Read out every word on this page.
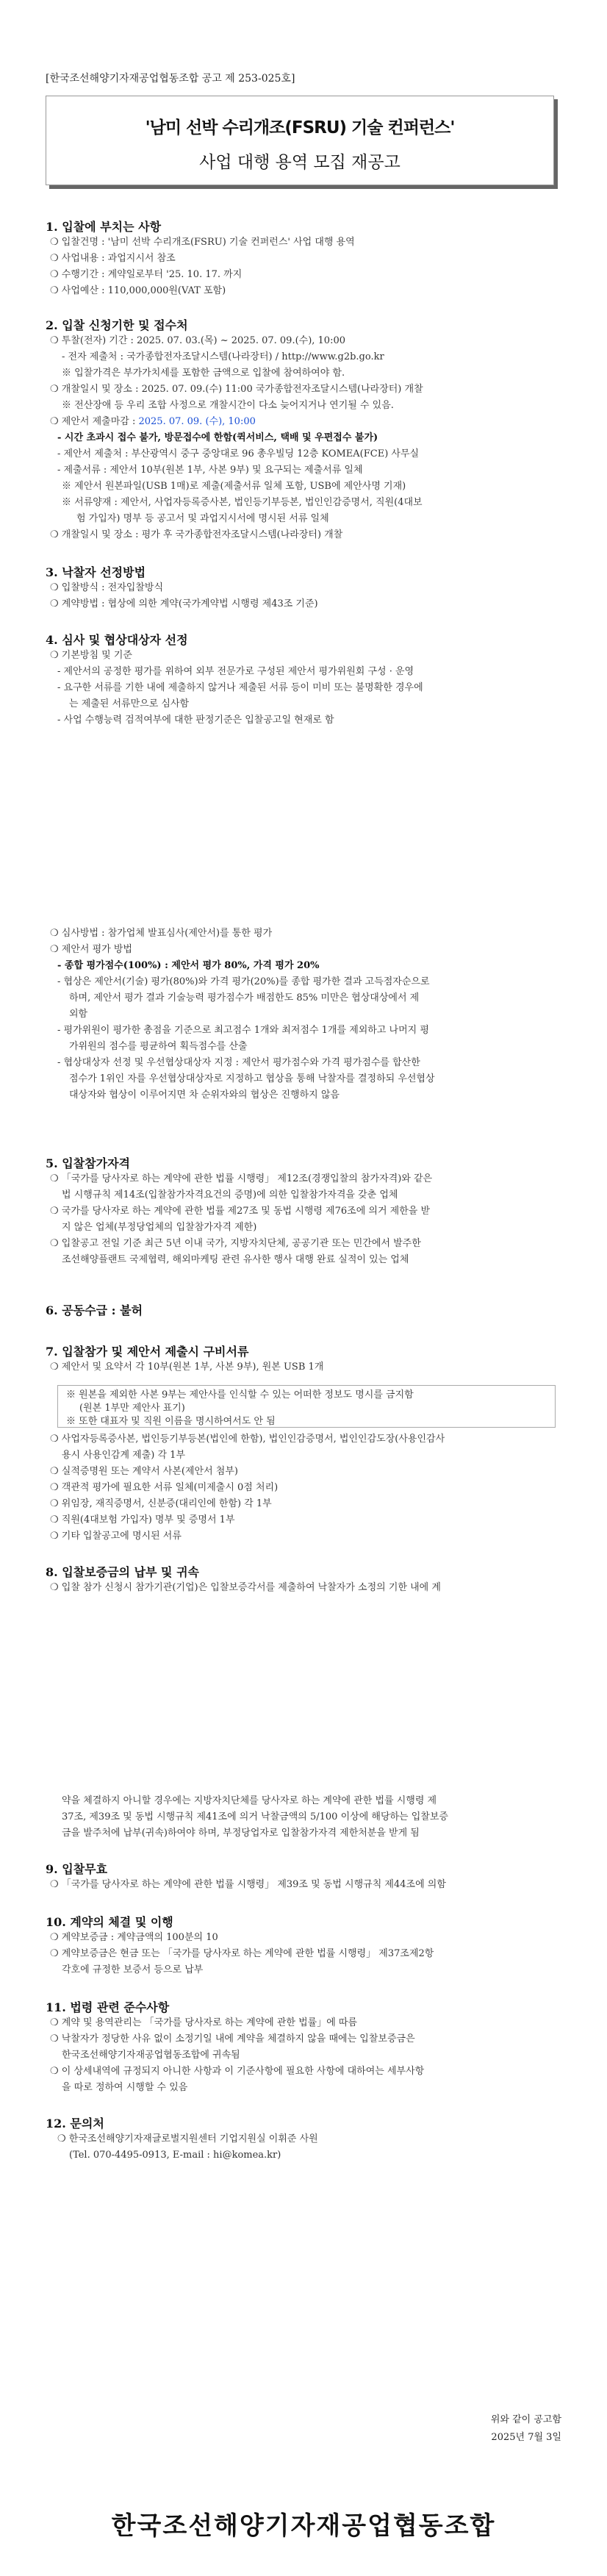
[한국조선해양기자재공업협동조합 공고 제 253-025호]
'남미 선박 수리개조(FSRU) 기술 컨퍼런스'
사업 대행 용역 모집 재공고
1. 입찰에 부치는 사항
❍ 입찰건명 : '남미 선박 수리개조(FSRU) 기술 컨퍼런스' 사업 대행 용역
❍ 사업내용 : 과업지시서 참조
❍ 수행기간 : 계약일로부터 '25. 10. 17. 까지
❍ 사업예산 : 110,000,000원(VAT 포함)
2. 입찰 신청기한 및 접수처
❍ 투찰(전자) 기간 : 2025. 07. 03.(목) ~ 2025. 07. 09.(수), 10:00
- 전자 제출처 : 국가종합전자조달시스템(나라장터) / http://www.g2b.go.kr
※ 입찰가격은 부가가치세를 포함한 금액으로 입찰에 참여하여야 함.
❍ 개찰일시 및 장소 : 2025. 07. 09.(수) 11:00 국가종합전자조달시스템(나라장터) 개찰
※ 전산장애 등 우리 조합 사정으로 개찰시간이 다소 늦어지거나 연기될 수 있음.
❍ 제안서 제출마감 : 2025. 07. 09. (수), 10:00
- 시간 초과시 접수 불가, 방문접수에 한함(퀵서비스, 택배 및 우편접수 불가)
- 제안서 제출처 : 부산광역시 중구 중앙대로 96 총우빌딩 12층 KOMEA(FCE) 사무실
- 제출서류 : 제안서 10부(원본 1부, 사본 9부) 및 요구되는 제출서류 일체
※ 제안서 원본파일(USB 1매)로 제출(제출서류 일체 포함, USB에 제안사명 기재)
※ 서류양재 : 제안서, 사업자등록증사본, 법인등기부등본, 법인인감증명서, 직원(4대보
험 가입자) 명부 등 공고서 및 과업지시서에 명시된 서류 일체
❍ 개찰일시 및 장소 : 평가 후 국가종합전자조달시스템(나라장터) 개찰
3. 낙찰자 선정방법
❍ 입찰방식 : 전자입찰방식
❍ 계약방법 : 협상에 의한 계약(국가계약법 시행령 제43조 기준)
4. 심사 및 협상대상자 선정
❍ 기본방침 및 기준
- 제안서의 공정한 평가를 위하여 외부 전문가로 구성된 제안서 평가위원회 구성 · 운영
- 요구한 서류를 기한 내에 제출하지 않거나 제출된 서류 등이 미비 또는 불명확한 경우에
는 제출된 서류만으로 심사함
- 사업 수행능력 검적여부에 대한 판정기준은 입찰공고일 현재로 함
❍ 심사방법 : 참가업체 발표심사(제안서)를 통한 평가
❍ 제안서 평가 방법
- 종합 평가점수(100%) : 제안서 평가 80%, 가격 평가 20%
- 협상은 제안서(기술) 평가(80%)와 가격 평가(20%)를 종합 평가한 결과 고득점자순으로
하며, 제안서 평가 결과 기술능력 평가점수가 배점한도 85% 미만은 협상대상에서 제
외함
- 평가위원이 평가한 총점을 기준으로 최고점수 1개와 최저점수 1개를 제외하고 나머지 평
가위원의 점수를 평균하여 획득점수를 산출
- 협상대상자 선정 및 우선협상대상자 지정 : 제안서 평가점수와 가격 평가점수를 합산한
점수가 1위인 자를 우선협상대상자로 지정하고 협상을 통해 낙찰자를 결정하되 우선협상
대상자와 협상이 이루어지면 차 순위자와의 협상은 진행하지 않음
5. 입찰참가자격
❍ 「국가를 당사자로 하는 계약에 관한 법률 시행령」 제12조(경쟁입찰의 참가자격)와 같은
법 시행규칙 제14조(입찰참가자격요건의 증명)에 의한 입찰참가자격을 갖춘 업체
❍ 국가를 당사자로 하는 계약에 관한 법률 제27조 및 동법 시행령 제76조에 의거 제한을 받
지 않은 업체(부정당업체의 입찰참가자격 제한)
❍ 입찰공고 전일 기준 최근 5년 이내 국가, 지방자치단체, 공공기관 또는 민간에서 발주한
조선해양플랜트 국제협력, 해외마케팅 관련 유사한 행사 대행 완료 실적이 있는 업체
6. 공동수급 : 불허
7. 입찰참가 및 제안서 제출시 구비서류
❍ 제안서 및 요약서 각 10부(원본 1부, 사본 9부), 원본 USB 1개
※ 원본을 제외한 사본 9부는 제안사를 인식할 수 있는 어떠한 정보도 명시를 금지함
(원본 1부만 제안사 표기)
※ 또한 대표자 및 직원 이름을 명시하여서도 안 됨
❍ 사업자등록증사본, 법인등기부등본(법인에 한함), 법인인감증명서, 법인인감도장(사용인감사
용시 사용인감계 제출) 각 1부
❍ 실적증명원 또는 계약서 사본(제안서 첨부)
❍ 객관적 평가에 필요한 서류 일체(미제출시 0점 처리)
❍ 위임장, 재직증명서, 신분증(대리인에 한함) 각 1부
❍ 직원(4대보험 가입자) 명부 및 증명서 1부
❍ 기타 입찰공고에 명시된 서류
8. 입찰보증금의 납부 및 귀속
❍ 입찰 참가 신청시 참가기관(기업)은 입찰보증각서를 제출하여 낙찰자가 소정의 기한 내에 계
약을 체결하지 아니할 경우에는 지방자치단체를 당사자로 하는 계약에 관한 법률 시행령 제
37조, 제39조 및 동법 시행규칙 제41조에 의거 낙찰금액의 5/100 이상에 해당하는 입찰보증
금을 발주처에 납부(귀속)하여야 하며, 부정당업자로 입찰참가자격 제한처분을 받게 됨
9. 입찰무효
❍ 「국가를 당사자로 하는 계약에 관한 법률 시행령」 제39조 및 동법 시행규칙 제44조에 의함
10. 계약의 체결 및 이행
❍ 계약보증금 : 계약금액의 100분의 10
❍ 계약보증금은 현금 또는 「국가를 당사자로 하는 계약에 관한 법률 시행령」 제37조제2항
각호에 규정한 보증서 등으로 납부
11. 법령 관련 준수사항
❍ 계약 및 용역관리는 「국가를 당사자로 하는 계약에 관한 법률」에 따름
❍ 낙찰자가 정당한 사유 없이 소정기일 내에 계약을 체결하지 않을 때에는 입찰보증금은
한국조선해양기자재공업협동조합에 귀속됨
❍ 이 상세내역에 규정되지 아니한 사항과 이 기준사항에 필요한 사항에 대하여는 세부사항
을 따로 정하여 시행할 수 있음
12. 문의처
❍ 한국조선해양기자재글로벌지원센터 기업지원실 이휘준 사원
(Tel. 070-4495-0913, E-mail : hi@komea.kr)
위와 같이 공고함
2025년 7월 3일
한국조선해양기자재공업협동조합
